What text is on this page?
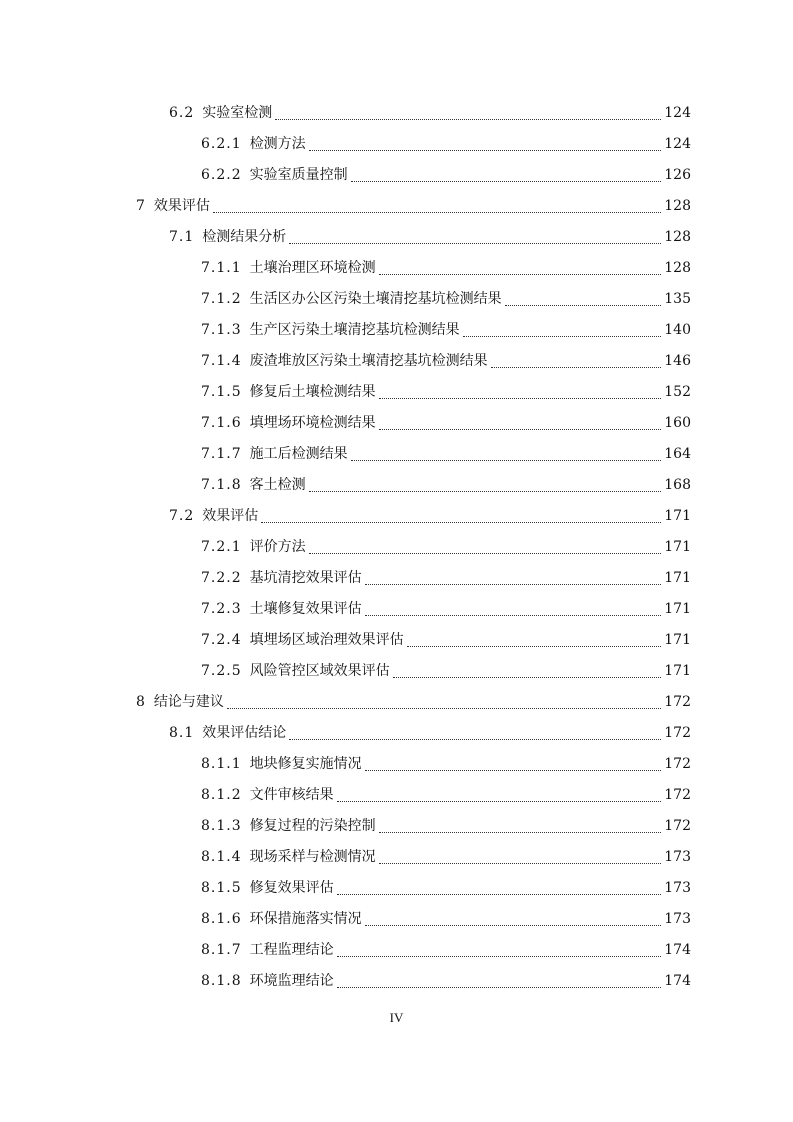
6.2 实验室检测	124
6.2.1 检测方法	124
6.2.2 实验室质量控制	126
7 效果评估	128
7.1 检测结果分析	128
7.1.1 土壤治理区环境检测	128
7.1.2 生活区办公区污染土壤清挖基坑检测结果	135
7.1.3 生产区污染土壤清挖基坑检测结果	140
7.1.4 废渣堆放区污染土壤清挖基坑检测结果	146
7.1.5 修复后土壤检测结果	152
7.1.6 填埋场环境检测结果	160
7.1.7 施工后检测结果	164
7.1.8 客土检测	168
7.2 效果评估	171
7.2.1 评价方法	171
7.2.2 基坑清挖效果评估	171
7.2.3 土壤修复效果评估	171
7.2.4 填埋场区域治理效果评估	171
7.2.5 风险管控区域效果评估	171
8 结论与建议	172
8.1 效果评估结论	172
8.1.1 地块修复实施情况	172
8.1.2 文件审核结果	172
8.1.3 修复过程的污染控制	172
8.1.4 现场采样与检测情况	173
8.1.5 修复效果评估	173
8.1.6 环保措施落实情况	173
8.1.7 工程监理结论	174
8.1.8 环境监理结论	174
IV
